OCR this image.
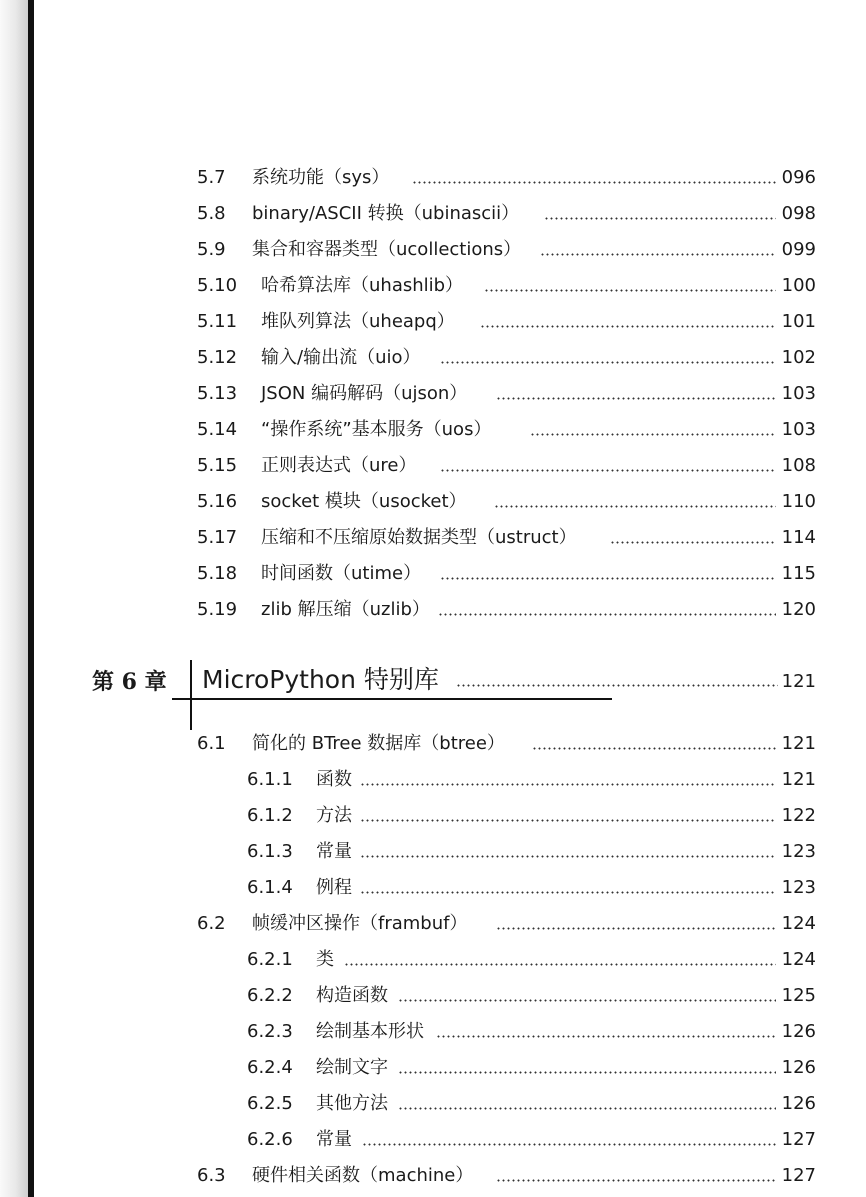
5.7 系统功能（sys）	096
5.8 binary/ASCII 转换（ubinascii）	098
5.9 集合和容器类型（ucollections）	099
5.10 哈希算法库（uhashlib）	100
5.11 堆队列算法（uheapq）	101
5.12 输入/输出流（uio）	102
5.13 JSON 编码解码（ujson）	103
5.14 “操作系统”基本服务（uos）	103
5.15 正则表达式（ure）	108
5.16 socket 模块（usocket）	110
5.17 压缩和不压缩原始数据类型（ustruct）	114
5.18 时间函数（utime）	115
5.19 zlib 解压缩（uzlib）	120
第 6 章 MicroPython 特别库	121
6.1 简化的 BTree 数据库（btree）	121
6.1.1 函数	121
6.1.2 方法	122
6.1.3 常量	123
6.1.4 例程	123
6.2 帧缓冲区操作（frambuf）	124
6.2.1 类	124
6.2.2 构造函数	125
6.2.3 绘制基本形状	126
6.2.4 绘制文字	126
6.2.5 其他方法	126
6.2.6 常量	127
6.3 硬件相关函数（machine）	127
